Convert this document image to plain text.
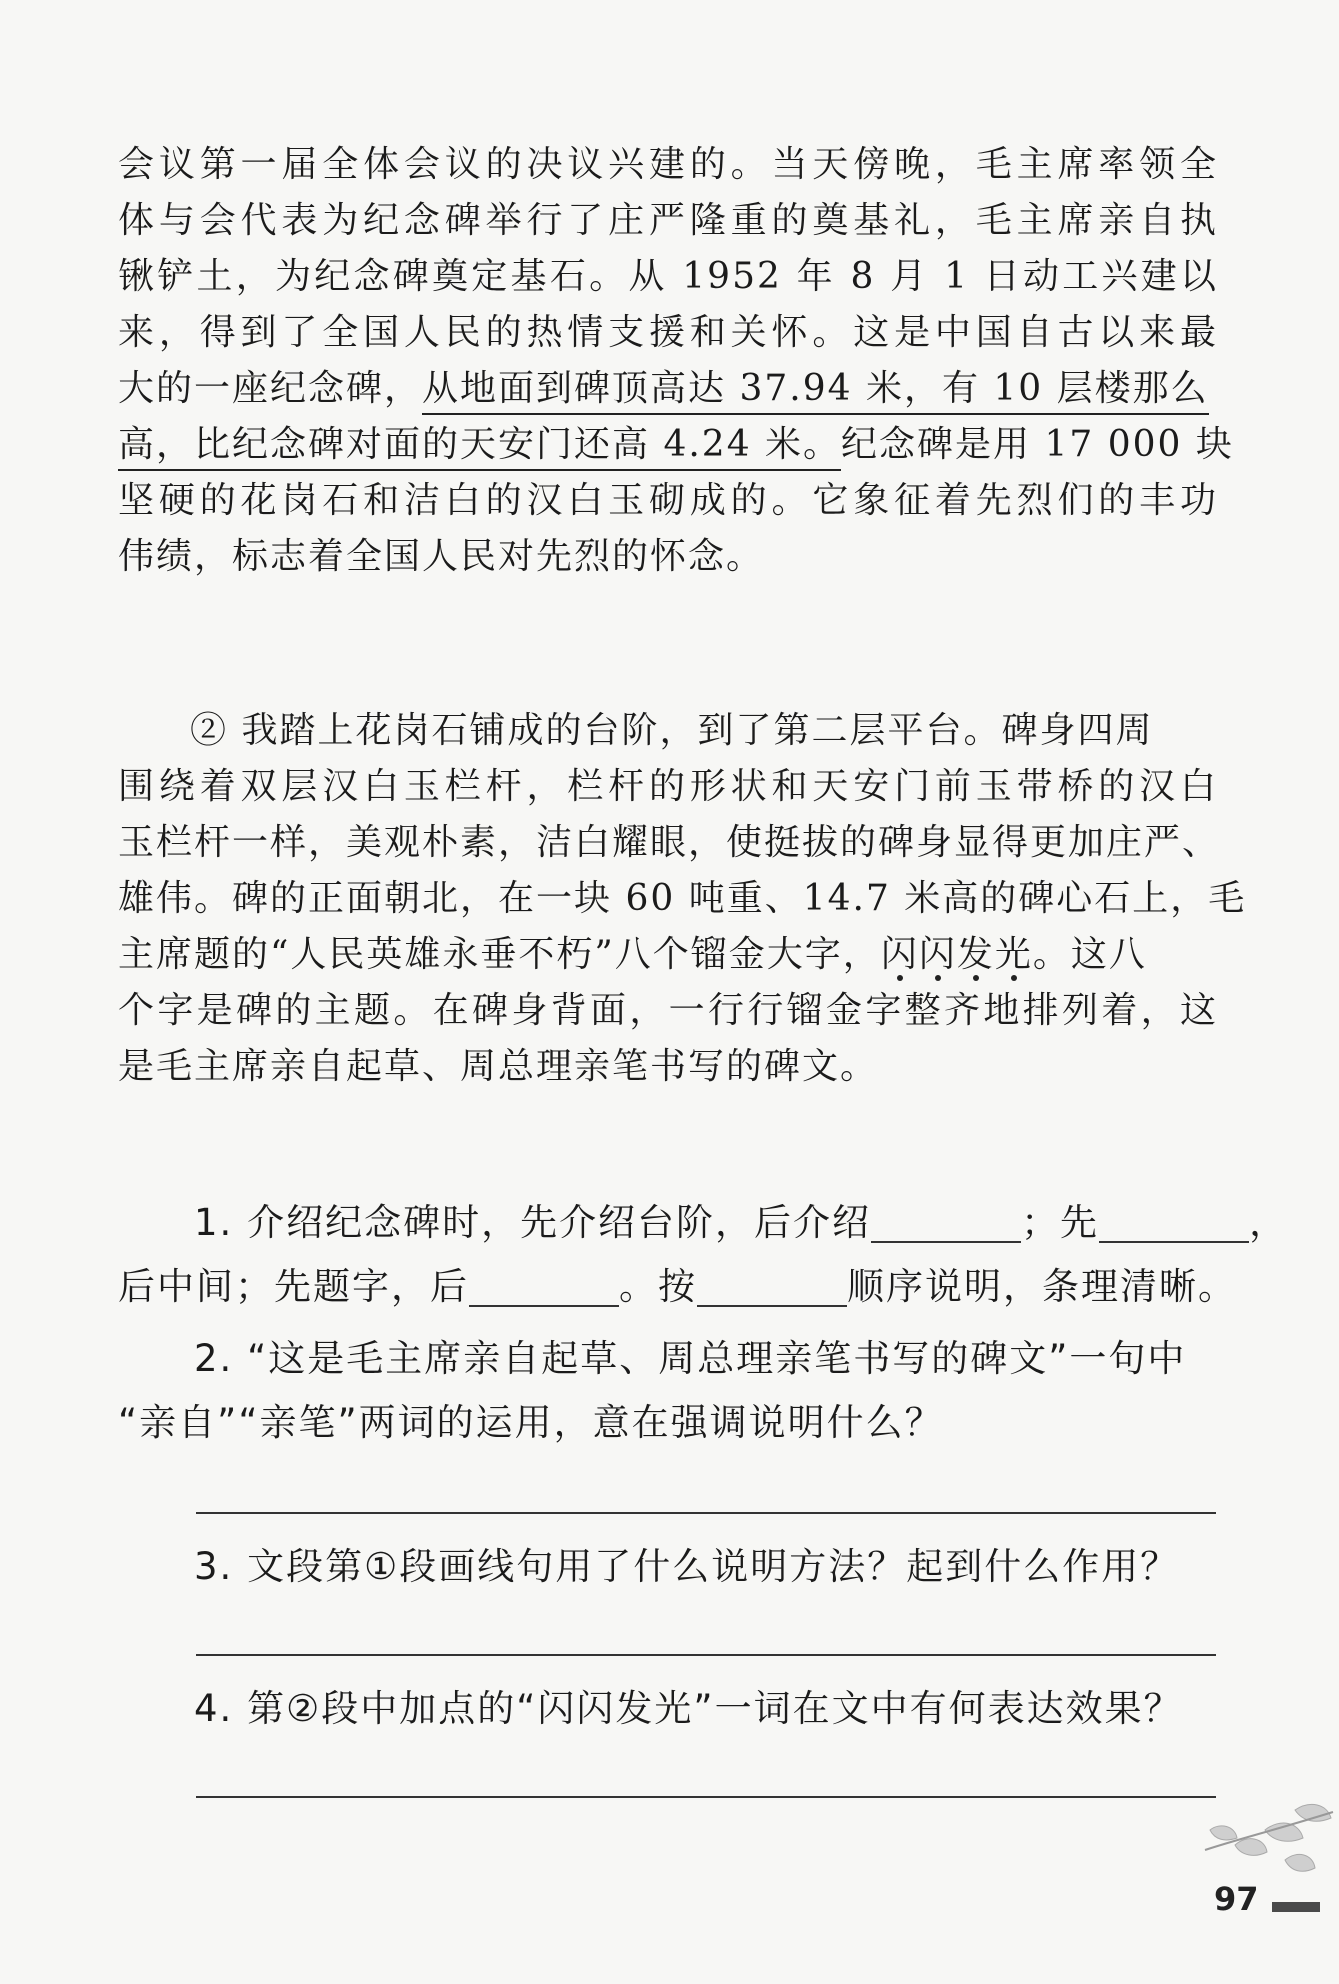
会议第一届全体会议的决议兴建的。当天傍晚，毛主席率领全
体与会代表为纪念碑举行了庄严隆重的奠基礼，毛主席亲自执
锹铲土，为纪念碑奠定基石。从 1952 年 8 月 1 日动工兴建以
来，得到了全国人民的热情支援和关怀。这是中国自古以来最
大的一座纪念碑，从地面到碑顶高达 37.94 米，有 10 层楼那么
高，比纪念碑对面的天安门还高 4.24 米。纪念碑是用 17 000 块
坚硬的花岗石和洁白的汉白玉砌成的。它象征着先烈们的丰功
伟绩，标志着全国人民对先烈的怀念。
② 我踏上花岗石铺成的台阶，到了第二层平台。碑身四周
围绕着双层汉白玉栏杆，栏杆的形状和天安门前玉带桥的汉白
玉栏杆一样，美观朴素，洁白耀眼，使挺拔的碑身显得更加庄严、
雄伟。碑的正面朝北，在一块 60 吨重、14.7 米高的碑心石上，毛
主席题的“人民英雄永垂不朽”八个镏金大字，闪闪发光。这八
个字是碑的主题。在碑身背面，一行行镏金字整齐地排列着，这
是毛主席亲自起草、周总理亲笔书写的碑文。
1. 介绍纪念碑时，先介绍台阶，后介绍	；先	，
后中间；先题字，后	。按	顺序说明，条理清晰。
2. “这是毛主席亲自起草、周总理亲笔书写的碑文”一句中
“亲自”“亲笔”两词的运用，意在强调说明什么？
3. 文段第①段画线句用了什么说明方法？起到什么作用？
4. 第②段中加点的“闪闪发光”一词在文中有何表达效果？
97
